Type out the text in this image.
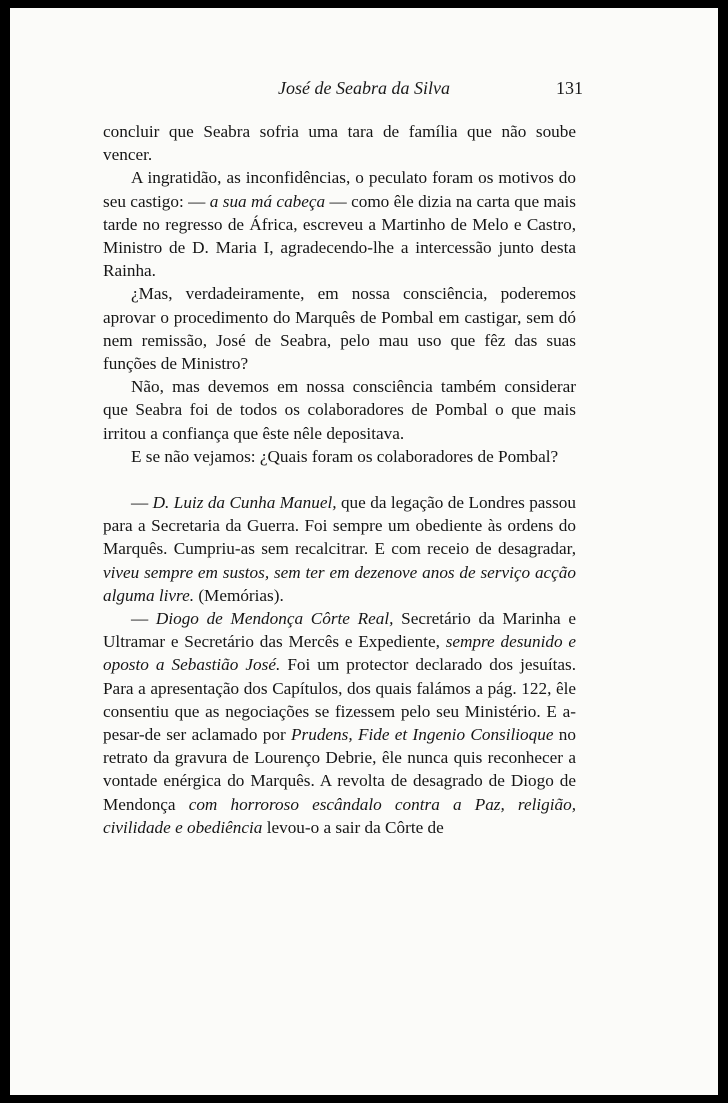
José de Seabra da Silva	131

concluir que Seabra sofria uma tara de família que não soube vencer.

A ingratidão, as inconfidências, o peculato foram os motivos do seu castigo: — a sua má cabeça — como êle dizia na carta que mais tarde no regresso de África, escreveu a Martinho de Melo e Castro, Ministro de D. Maria I, agradecendo-lhe a intercessão junto desta Rainha.

¿Mas, verdadeiramente, em nossa consciência, poderemos aprovar o procedimento do Marquês de Pombal em castigar, sem dó nem remissão, José de Seabra, pelo mau uso que fêz das suas funções de Ministro?

Não, mas devemos em nossa consciência também considerar que Seabra foi de todos os colaboradores de Pombal o que mais irritou a confiança que êste nêle depositava.

E se não vejamos: ¿Quais foram os colaboradores de Pombal?

— D. Luiz da Cunha Manuel, que da legação de Londres passou para a Secretaria da Guerra. Foi sempre um obediente às ordens do Marquês. Cumpriu-as sem recalcitrar. E com receio de desagradar, viveu sempre em sustos, sem ter em dezenove anos de serviço acção alguma livre. (Memórias).

— Diogo de Mendonça Côrte Real, Secretário da Marinha e Ultramar e Secretário das Mercês e Expediente, sempre desunido e oposto a Sebastião José. Foi um protector declarado dos jesuítas. Para a apresentação dos Capítulos, dos quais falámos a pág. 122, êle consentiu que as negociações se fizessem pelo seu Ministério. E a-pesar-de ser aclamado por Prudens, Fide et Ingenio Consilioque no retrato da gravura de Lourenço Debrie, êle nunca quis reconhecer a vontade enérgica do Marquês. A revolta de desagrado de Diogo de Mendonça com horroroso escândalo contra a Paz, religião, civilidade e obediência levou-o a sair da Côrte de
